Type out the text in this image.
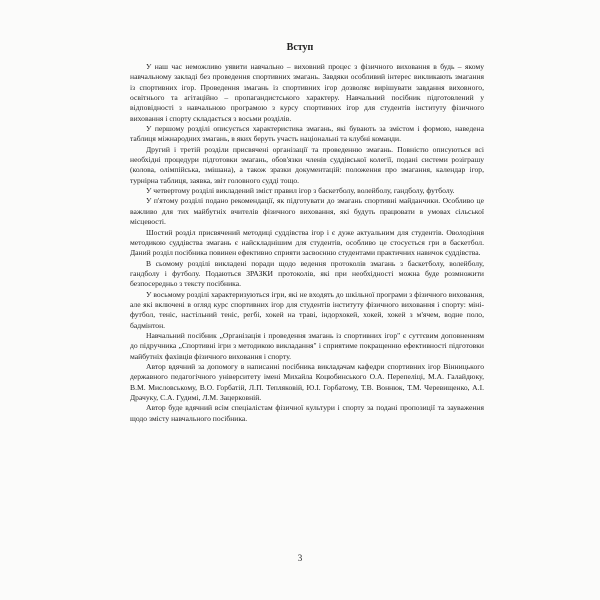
Вступ

У наш час неможливо уявити навчально – виховний процес з фізичного виховання в будь – якому навчальному закладі без проведення спортивних змагань. Завдяки особливий інтерес викликають змагання із спортивних ігор. Проведення змагань із спортивних ігор дозволяє вирішувати завдання виховного, освітнього та агітаційно – пропагандистського характеру. Навчальний посібник підготовлений у відповідності з навчальною програмою з курсу спортивних ігор для студентів інституту фізичного виховання і спорту складається з восьми розділів.

У першому розділі описується характеристика змагань, які бувають за змістом і формою, наведена таблиця міжнародних змагань, в яких беруть участь національні та клубні команди.

Другий і третій розділи присвячені організації та проведенню змагань. Повністю описуються всі необхідні процедури підготовки змагань, обов'язки членів суддівської колегії, подані системи розіграшу (колова, олімпійська, змішана), а також зразки документацій: положення про змагання, календар ігор, турнірна таблиця, заявка, звіт головного судді тощо.

У четвертому розділі викладений зміст правил ігор з баскетболу, волейболу, гандболу, футболу.

У п'ятому розділі подано рекомендації, як підготувати до змагань спортивні майданчики. Особливо це важливо для тих майбутніх вчителів фізичного виховання, які будуть працювати в умовах сільської місцевості.

Шостий розділ присвячений методиці суддівства ігор і є дуже актуальним для студентів. Оволодіння методикою суддівства змагань є найскладнішим для студентів, особливо це стосується гри в баскетбол. Даний розділ посібника повинен ефективно сприяти засвоєнню студентами практичних навичок суддівства.

В сьомому розділі викладені поради щодо ведення протоколів змагань з баскетболу, волейболу, гандболу і футболу. Подаються ЗРАЗКИ протоколів, які при необхідності можна буде розмножити безпосередньо з тексту посібника.

У восьмому розділі характеризуються ігри, які не входять до шкільної програми з фізичного виховання, але які включені в огляд курс спортивних ігор для студентів інституту фізичного виховання і спорту: міні-футбол, теніс, настільний теніс, регбі, хокей на траві, індорхокей, хокей, хокей з м'ячем, водне поло, бадмінтон.

Навчальний посібник „Організація і проведення змагань із спортивних ігор" є суттєвим доповненням до підручника „Спортивні ігри з методикою викладання" і сприятиме покращенню ефективності підготовки майбутніх фахівців фізичного виховання і спорту.

Автор вдячний за допомогу в написанні посібника викладачам кафедри спортивних ігор Вінницького державного педагогічного університету імені Михайла Коцюбинського О.А. Перепеліці, М.А. Галайдюку, В.М. Мисловському, В.О. Горбатій, Л.П. Тепляковій, Ю.І. Горбатому, Т.В. Воннюк, Т.М. Черевищенко, А.І. Драчуку, С.А. Гудимі, Л.М. Зацерковній.

Автор буде вдячний всім спеціалістам фізичної культури і спорту за подані пропозиції та зауваження щодо змісту навчального посібника.

3
